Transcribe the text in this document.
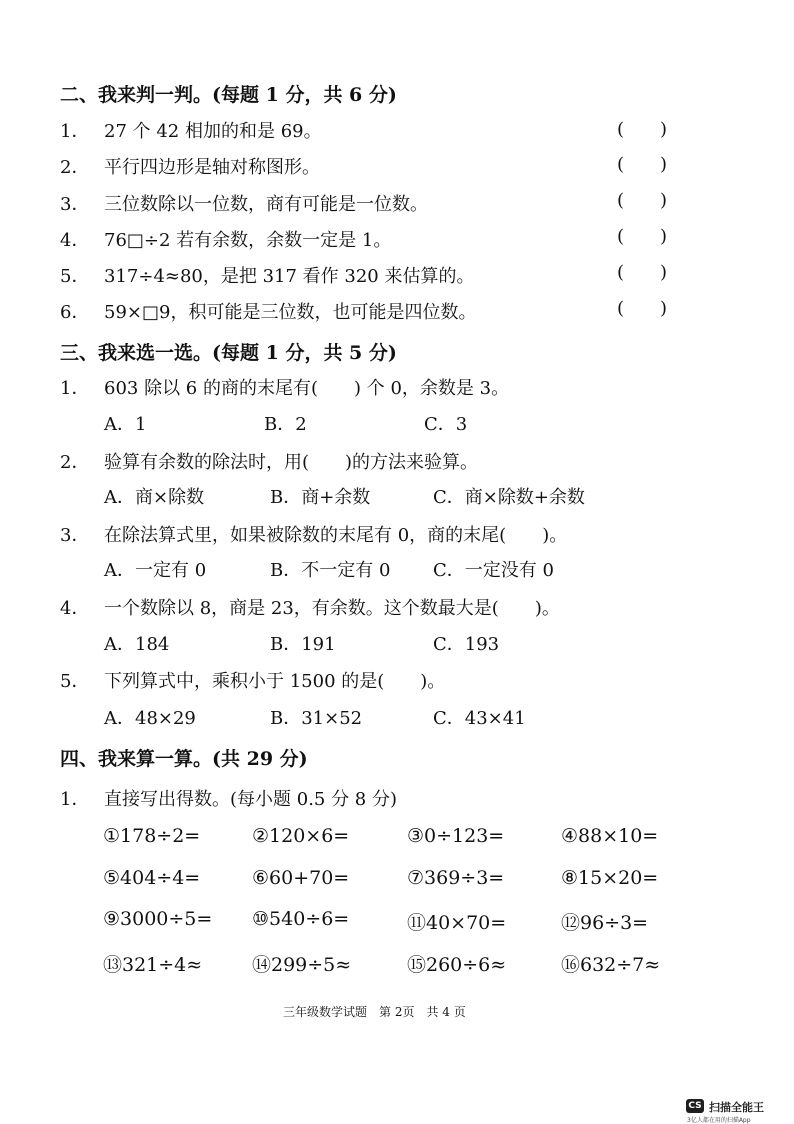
二、我来判一判。(每题 1 分，共 6 分)
1． 27 个 42 相加的和是 69。	(　　)
2． 平行四边形是轴对称图形。	(　　)
3． 三位数除以一位数，商有可能是一位数。	(　　)
4． 76□÷2 若有余数，余数一定是 1。	(　　)
5． 317÷4≈80，是把 317 看作 320 来估算的。	(　　)
6． 59×□9，积可能是三位数，也可能是四位数。	(　　)
三、我来选一选。(每题 1 分，共 5 分)
1． 603 除以 6 的商的末尾有(　　) 个 0，余数是 3。
A．1	B．2	C．3
2． 验算有余数的除法时，用(　　)的方法来验算。
A．商×除数	B．商+余数	C．商×除数+余数
3． 在除法算式里，如果被除数的末尾有 0，商的末尾(　　)。
A．一定有 0	B．不一定有 0 C．一定没有 0
4． 一个数除以 8，商是 23，有余数。这个数最大是(　　)。
A．184	B．191	C．193
5． 下列算式中，乘积小于 1500 的是(　　)。
A．48×29	B．31×52	C．43×41
四、我来算一算。(共 29 分)
1． 直接写出得数。(每小题 0.5 分 8 分)
①178÷2=	②120×6=	③0÷123=	④88×10=
⑤404÷4=	⑥60+70=	⑦369÷3=	⑧15×20=
⑨3000÷5= ⑩540÷6=	⑪40×70=	⑫96÷3=
⑬321÷4≈	⑭299÷5≈	⑮260÷6≈	⑯632÷7≈
三年级数学试题　第 2页　共 4 页
CS 扫描全能王
3亿人都在用的扫描App
